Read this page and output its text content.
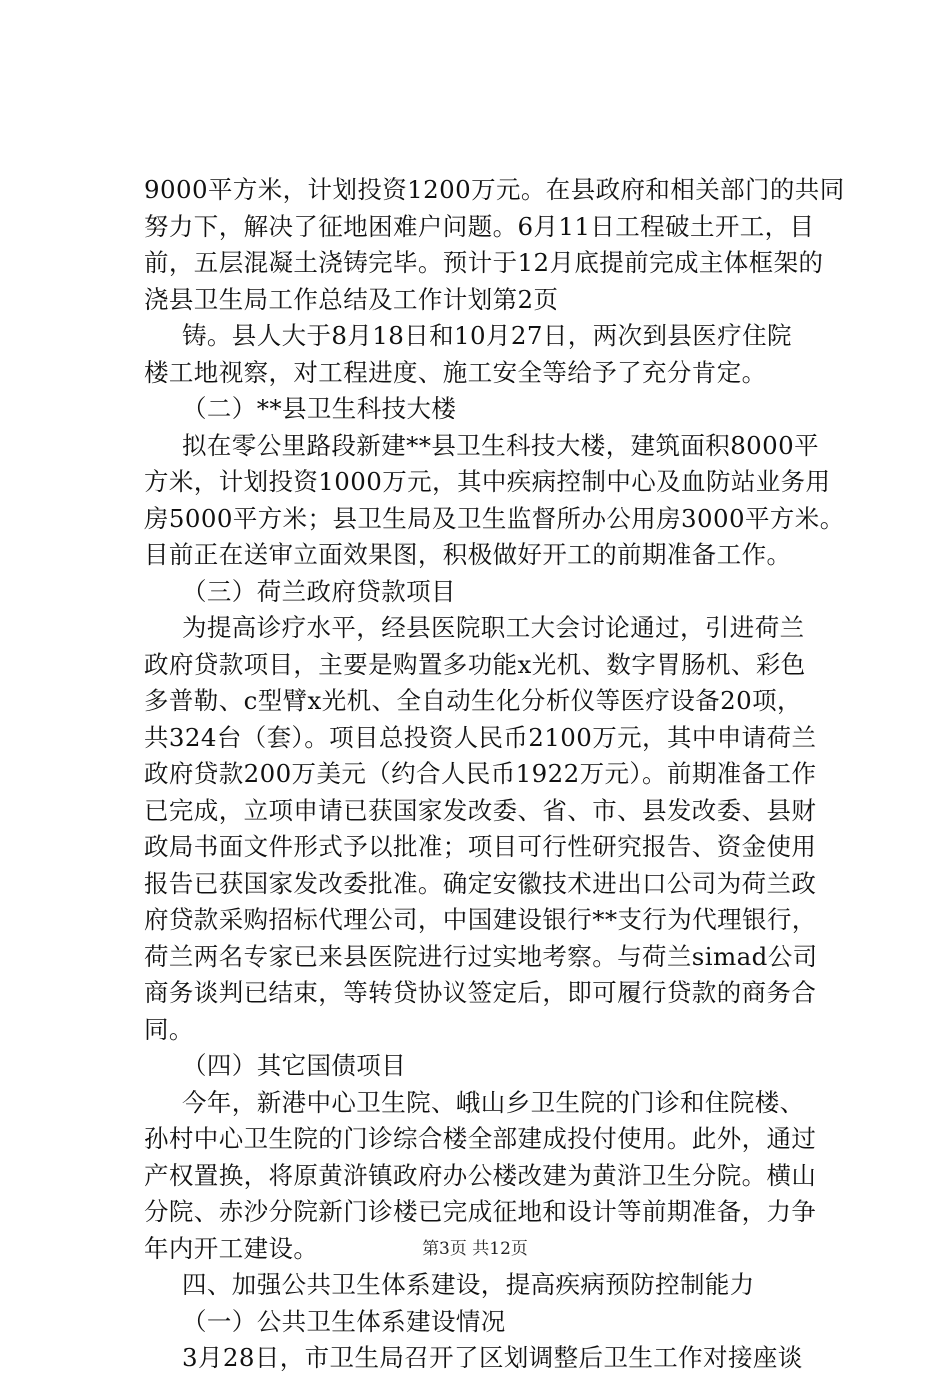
9000平方米，计划投资1200万元。在县政府和相关部门的共同
努力下，解决了征地困难户问题。6月11日工程破土开工，目
前，五层混凝土浇铸完毕。预计于12月底提前完成主体框架的
浇县卫生局工作总结及工作计划第2页
铸。县人大于8月18日和10月27日，两次到县医疗住院
楼工地视察，对工程进度、施工安全等给予了充分肯定。
（二）**县卫生科技大楼
拟在零公里路段新建**县卫生科技大楼，建筑面积8000平
方米，计划投资1000万元，其中疾病控制中心及血防站业务用
房5000平方米；县卫生局及卫生监督所办公用房3000平方米。
目前正在送审立面效果图，积极做好开工的前期准备工作。
（三）荷兰政府贷款项目
为提高诊疗水平，经县医院职工大会讨论通过，引进荷兰
政府贷款项目，主要是购置多功能x光机、数字胃肠机、彩色
多普勒、c型臂x光机、全自动生化分析仪等医疗设备20项，
共324台（套）。项目总投资人民币2100万元，其中申请荷兰
政府贷款200万美元（约合人民币1922万元）。前期准备工作
已完成，立项申请已获国家发改委、省、市、县发改委、县财
政局书面文件形式予以批准；项目可行性研究报告、资金使用
报告已获国家发改委批准。确定安徽技术进出口公司为荷兰政
府贷款采购招标代理公司，中国建设银行**支行为代理银行，
荷兰两名专家已来县医院进行过实地考察。与荷兰simad公司
商务谈判已结束，等转贷协议签定后，即可履行贷款的商务合
同。
（四）其它国债项目
今年，新港中心卫生院、峨山乡卫生院的门诊和住院楼、
孙村中心卫生院的门诊综合楼全部建成投付使用。此外，通过
产权置换，将原黄浒镇政府办公楼改建为黄浒卫生分院。横山
分院、赤沙分院新门诊楼已完成征地和设计等前期准备，力争
年内开工建设。
四、加强公共卫生体系建设，提高疾病预防控制能力
（一）公共卫生体系建设情况
3月28日，市卫生局召开了区划调整后卫生工作对接座谈
第3页 共12页
